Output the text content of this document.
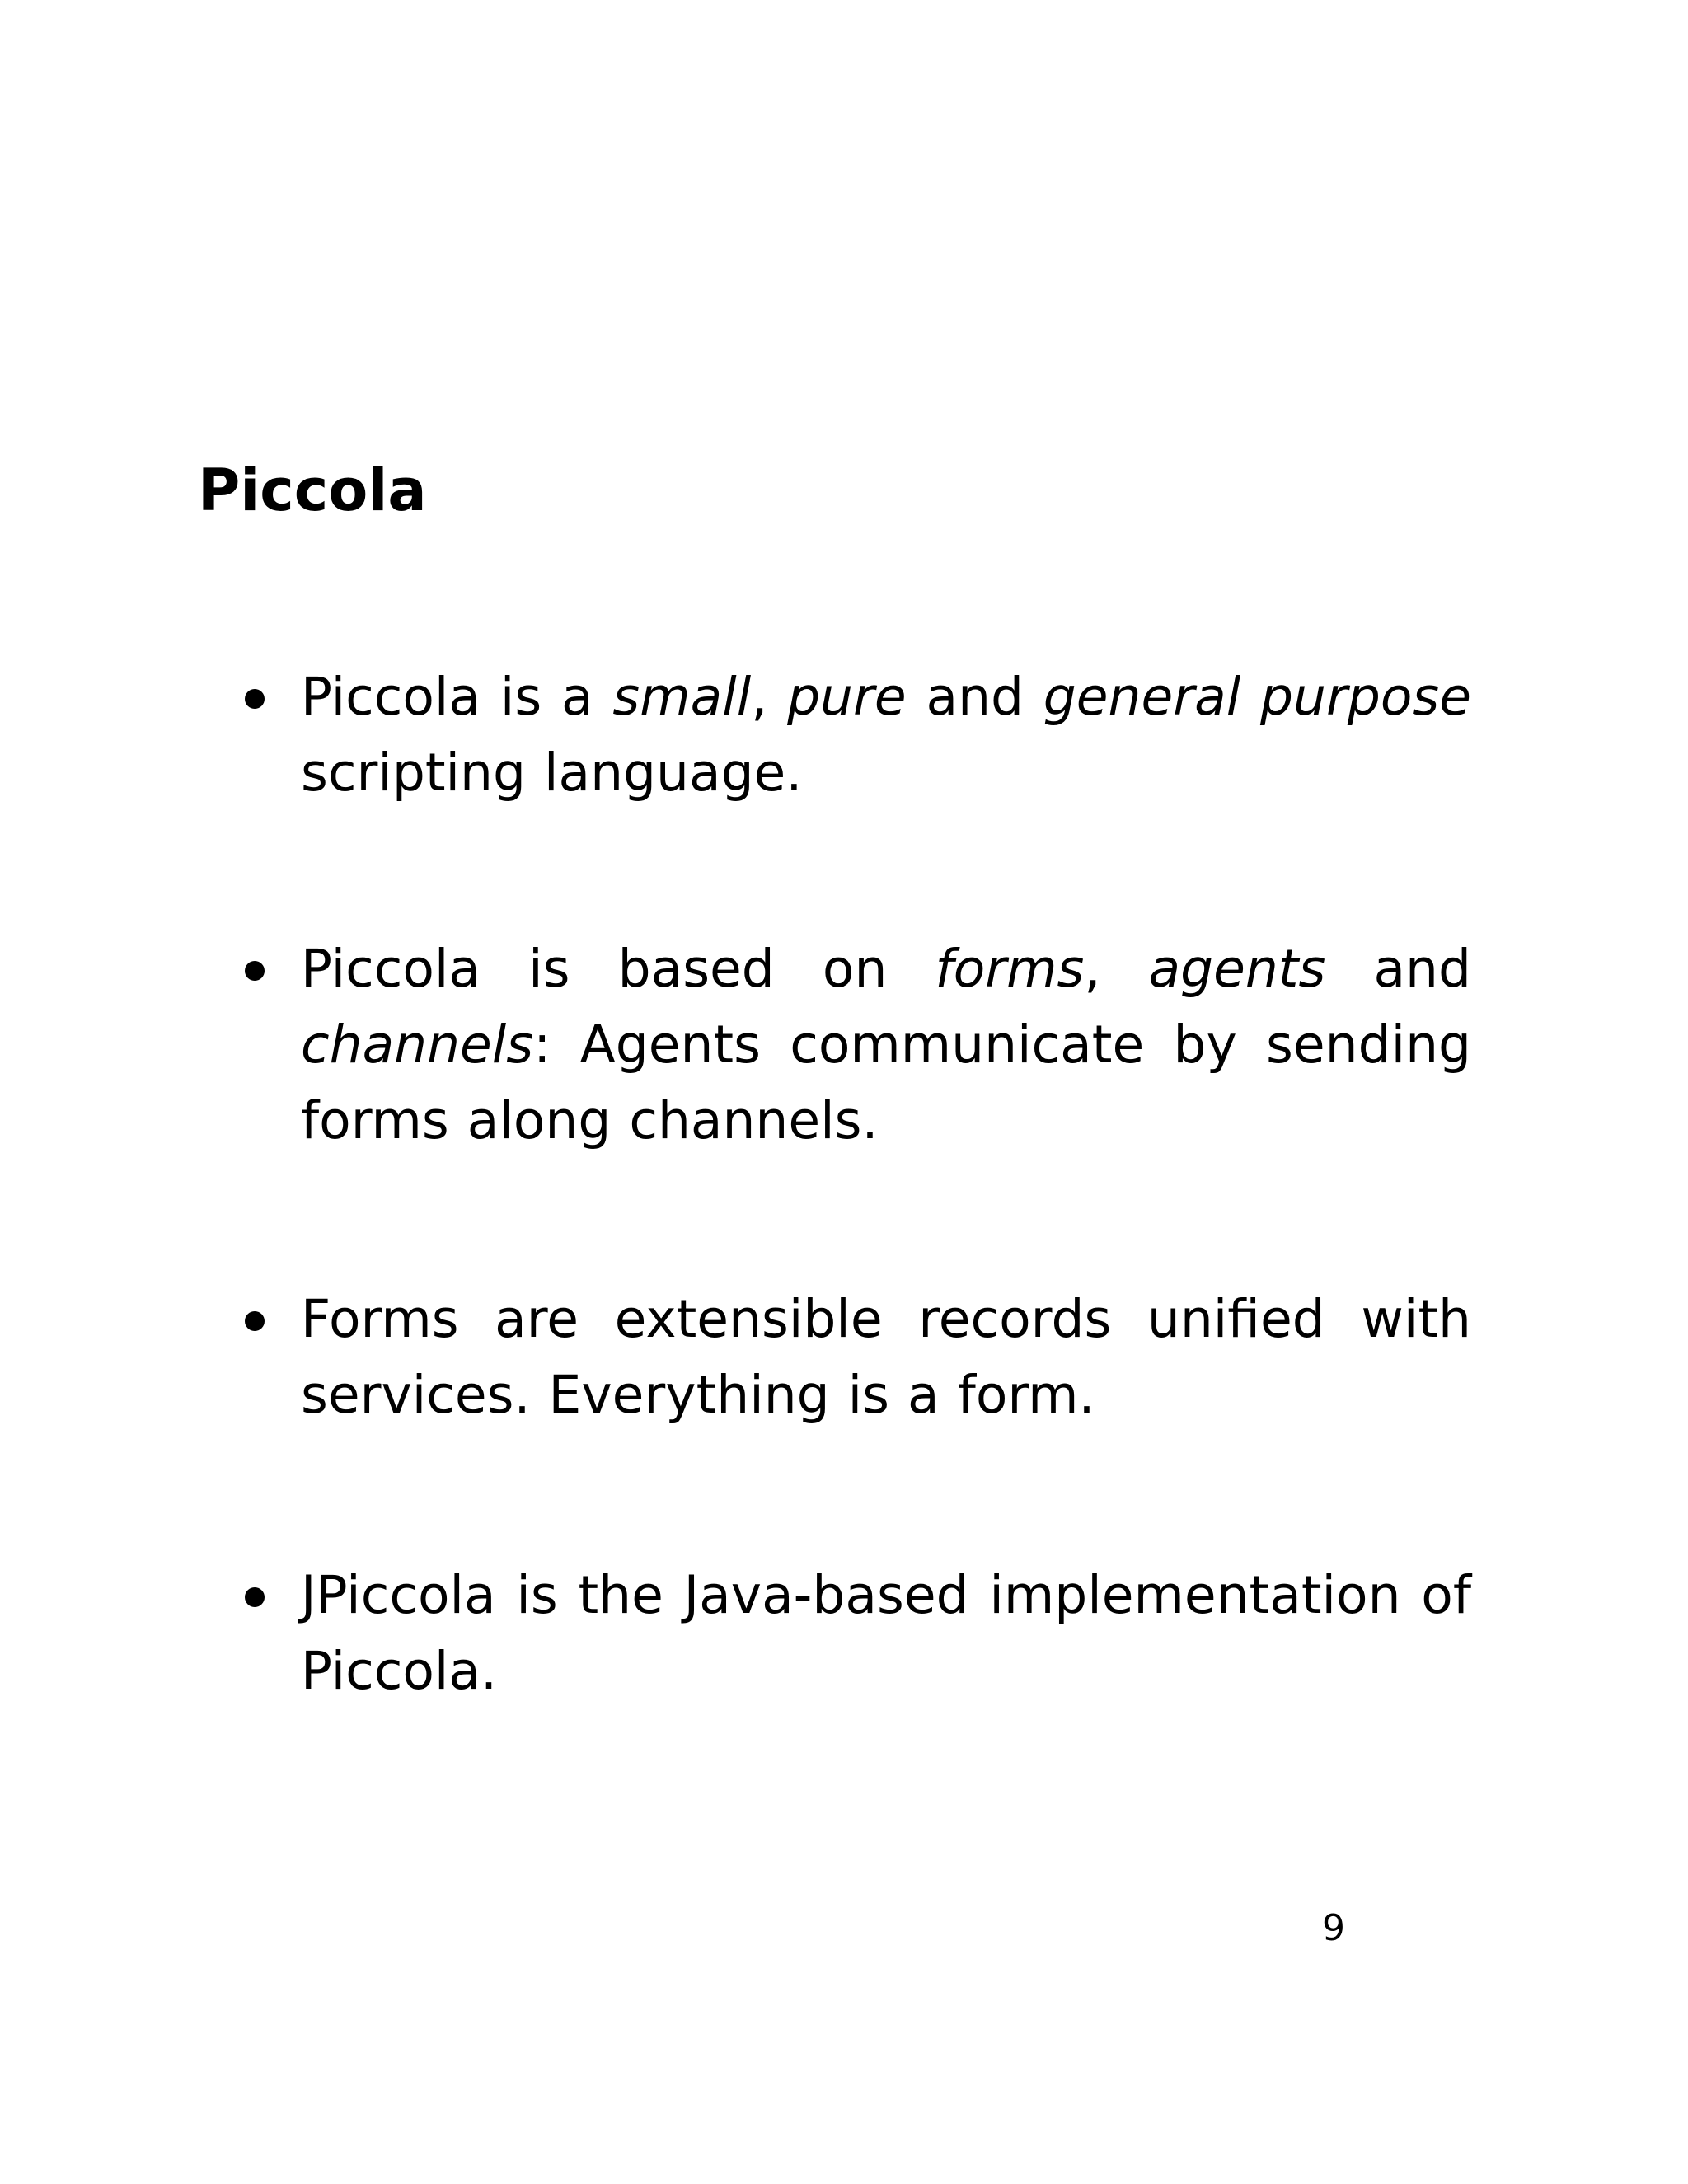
Piccola
Piccola is a small, pure and general purpose scripting language.
Piccola is based on forms, agents and channels: Agents communicate by sending forms along channels.
Forms are extensible records unified with services. Everything is a form.
JPiccola is the Java-based implementation of Piccola.
9
